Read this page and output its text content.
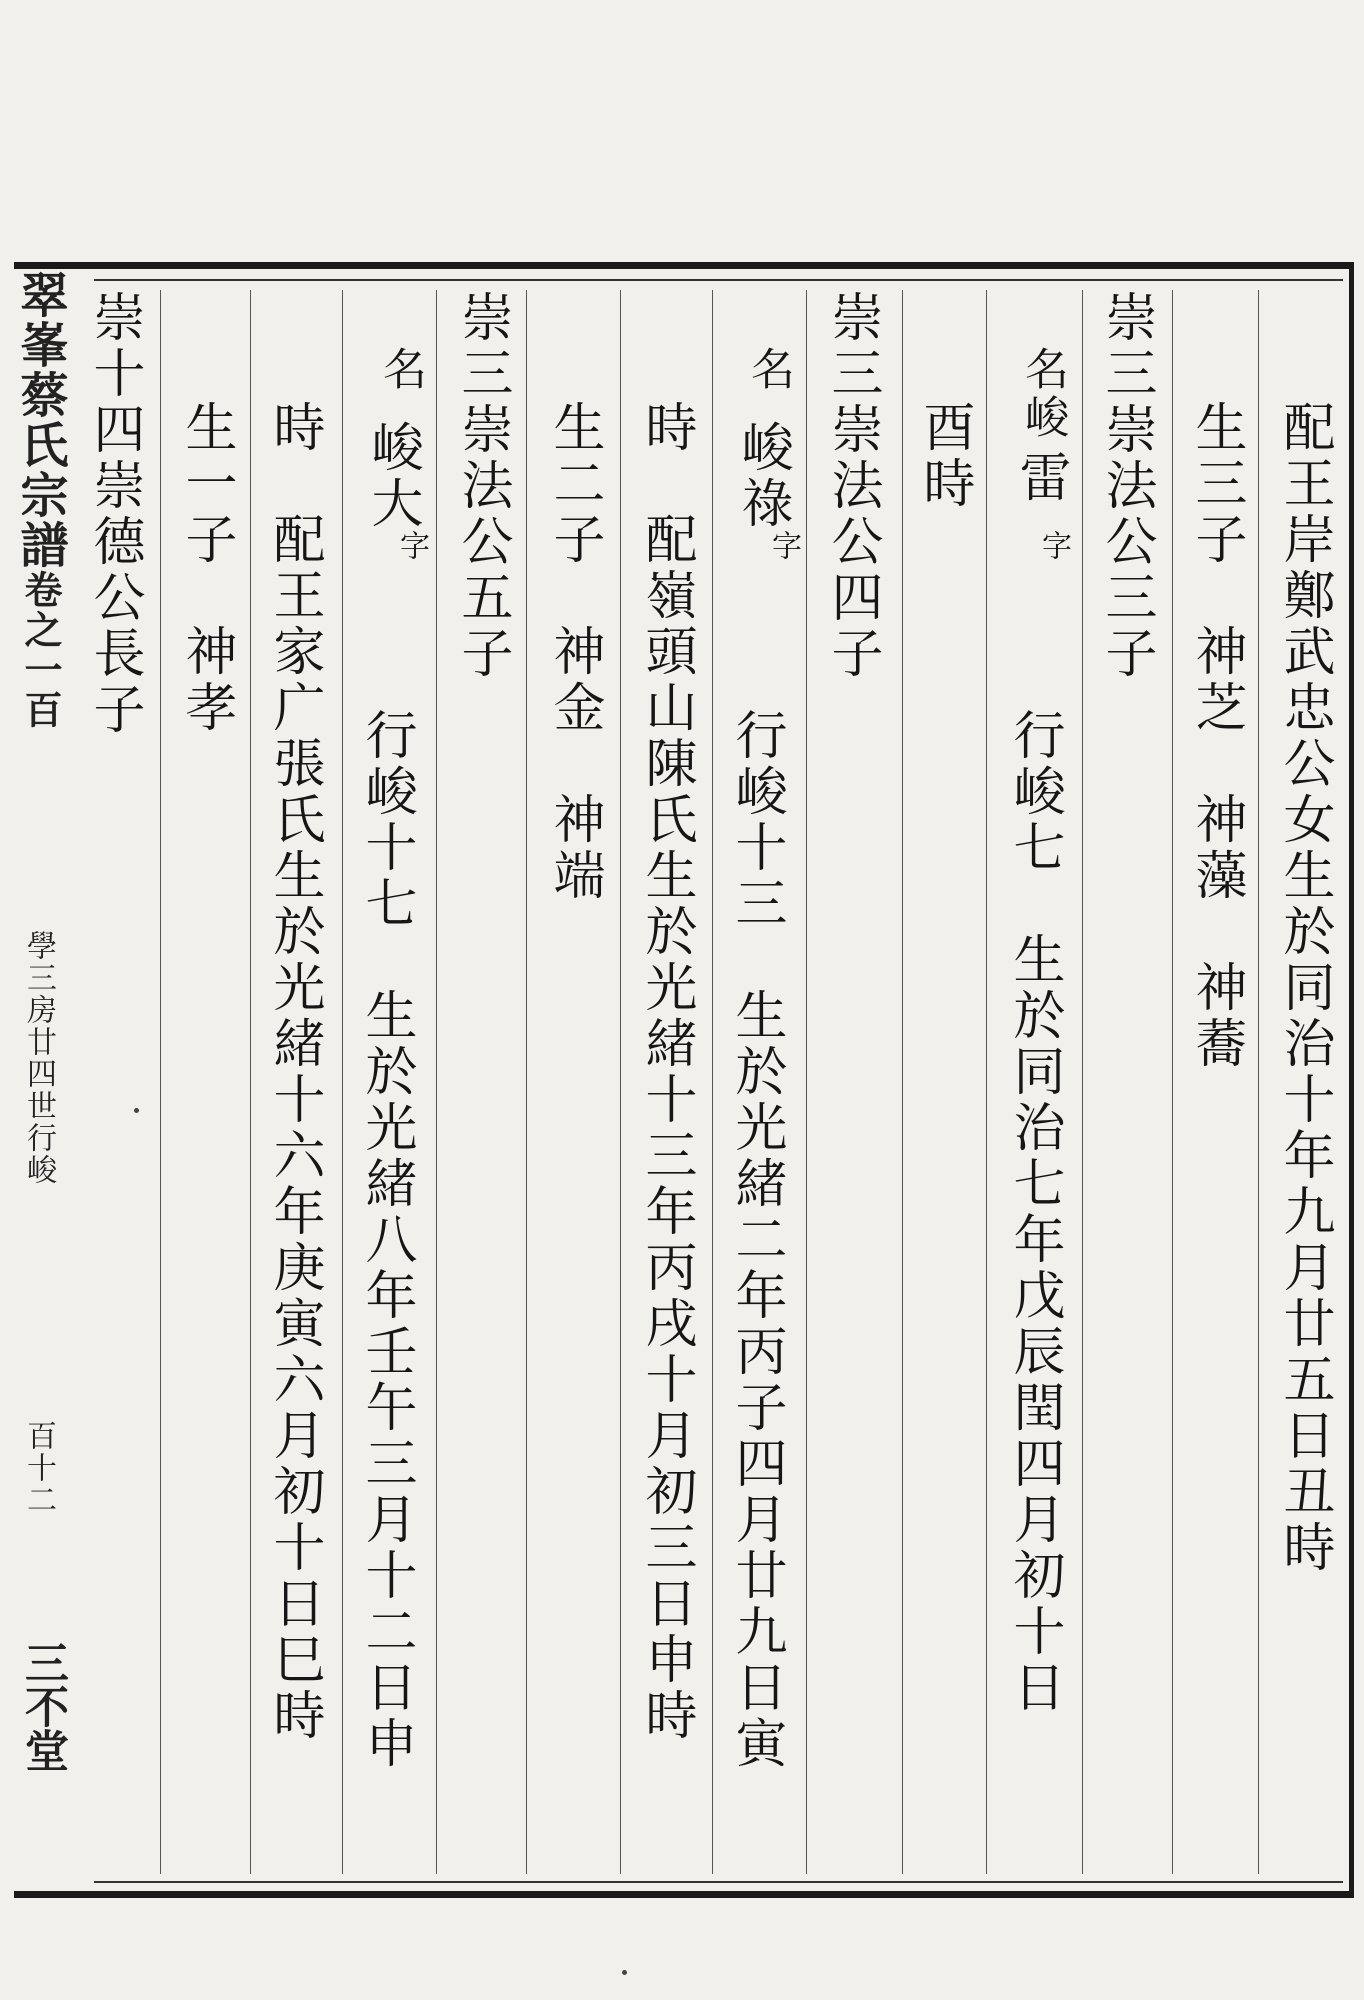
翠峯蔡氏宗譜卷之一百
學三房廿四世行峻
百十二
三不堂
配王岸鄭武忠公女生於同治十年九月廿五日丑時
生三子　神芝　神藻　神蕎
崇三崇法公三子
名峻
雷
字
行峻七　生於同治七年戊辰閏四月初十日
酉時
崇三崇法公四子
名
峻祿
字
行峻十三　生於光緒二年丙子四月廿九日寅
時　配嶺頭山陳氏生於光緒十三年丙戌十月初三日申時
生二子　神金　神端
崇三崇法公五子
名
峻大
字
行峻十七　生於光緒八年壬午三月十二日申
時　配王家广張氏生於光緒十六年庚寅六月初十日巳時
生一子　神孝
崇十四崇德公長子
